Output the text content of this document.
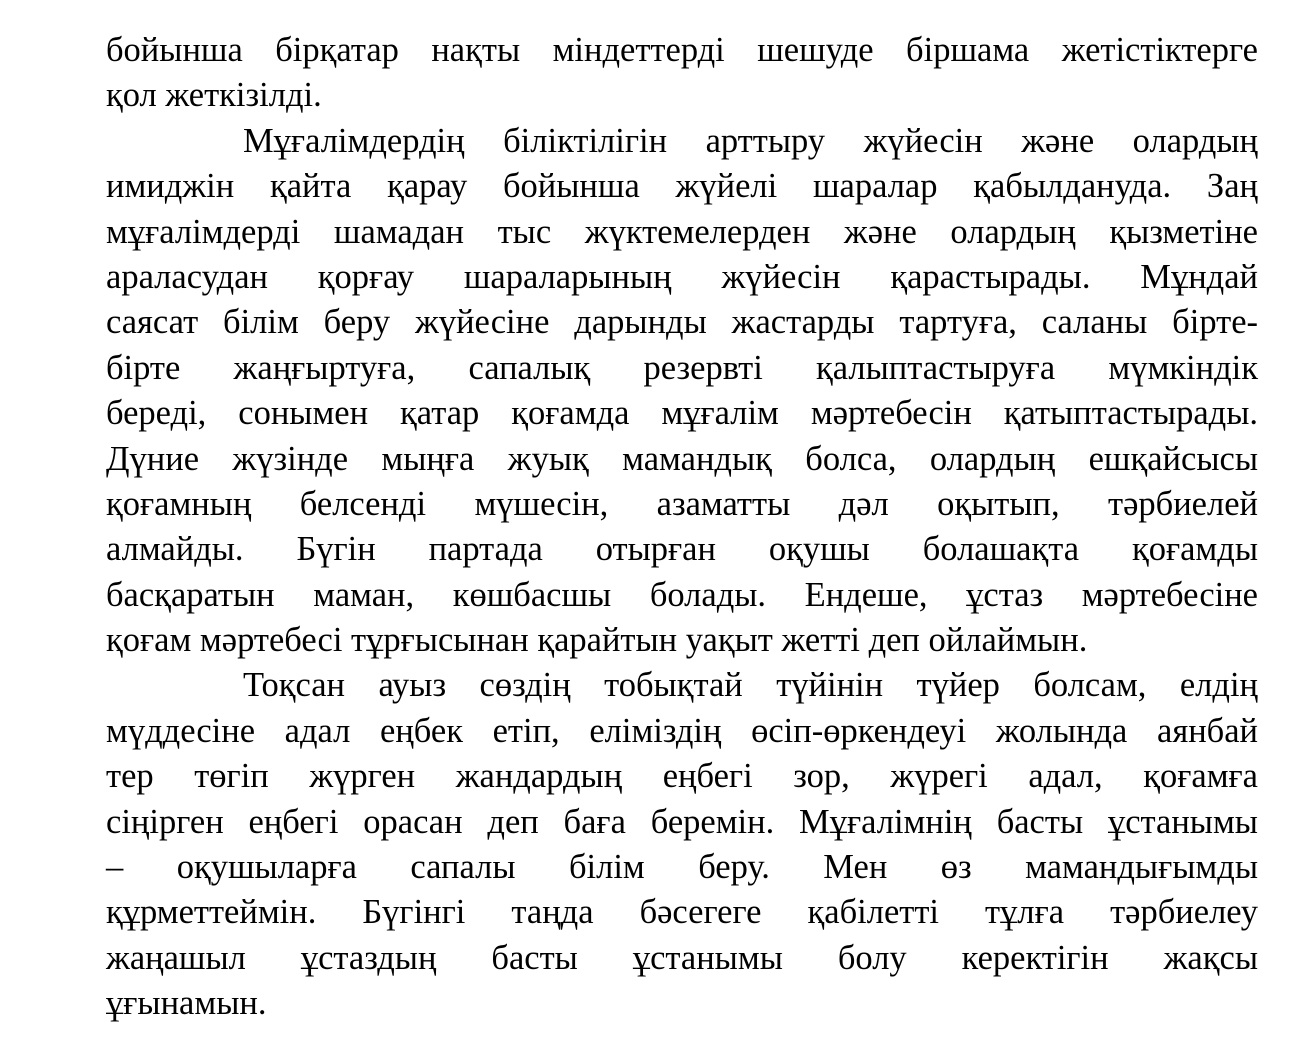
бойынша бірқатар нақты міндеттерді шешуде біршама жетістіктерге
қол жеткізілді.
Мұғалімдердің біліктілігін арттыру жүйесін және олардың
имиджін қайта қарау бойынша жүйелі шаралар қабылдануда. Заң
мұғалімдерді шамадан тыс жүктемелерден және олардың қызметіне
араласудан қорғау шараларының жүйесін қарастырады. Мұндай
саясат білім беру жүйесіне дарынды жастарды тартуға, саланы бірте-
бірте жаңғыртуға, сапалық резервті қалыптастыруға мүмкіндік
береді, сонымен қатар қоғамда мұғалім мәртебесін қатыптастырады.
Дүние жүзінде мыңға жуық мамандық болса, олардың ешқайсысы
қоғамның белсенді мүшесін, азаматты дәл оқытып, тәрбиелей
алмайды. Бүгін партада отырған оқушы болашақта қоғамды
басқаратын маман, көшбасшы болады. Ендеше, ұстаз мәртебесіне
қоғам мәртебесі тұрғысынан қарайтын уақыт жетті деп ойлаймын.
Тоқсан ауыз сөздің тобықтай түйінін түйер болсам, елдің
мүддесіне адал еңбек етіп, еліміздің өсіп-өркендеуі жолында аянбай
тер төгіп жүрген жандардың еңбегі зор, жүрегі адал, қоғамға
сіңірген еңбегі орасан деп баға беремін. Мұғалімнің басты ұстанымы
– оқушыларға сапалы білім беру. Мен өз мамандығымды
құрметтеймін. Бүгінгі таңда бәсегеге қабілетті тұлға тәрбиелеу
жаңашыл ұстаздың басты ұстанымы болу керектігін жақсы
ұғынамын.
